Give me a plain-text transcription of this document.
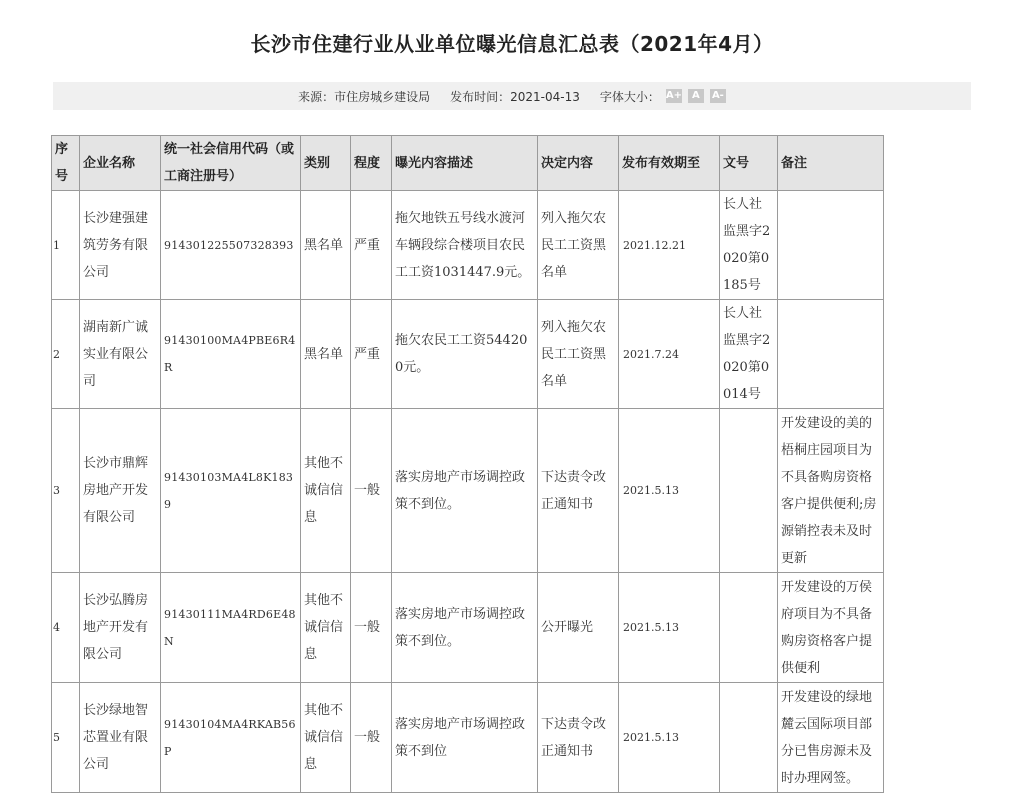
长沙市住建行业从业单位曝光信息汇总表（2021年4月）
来源：市住房城乡建设局 发布时间：2021-04-13 字体大小： A+	A	A-
序号	企业名称	统一社会信用代码（或工商注册号）	类别	程度	曝光内容描述	决定内容	发布有效期至	文号	备注
1	长沙建强建筑劳务有限公司	914301225507328393	黑名单	严重	拖欠地铁五号线水渡河车辆段综合楼项目农民工工资1031447.9元。	列入拖欠农民工工资黑名单	2021.12.21	长人社监黑字2020第0185号	
2	湖南新广诚实业有限公司	91430100MA4PBE6R4R	黑名单	严重	拖欠农民工工资544200元。	列入拖欠农民工工资黑名单	2021.7.24	长人社监黑字2020第0014号	
3	长沙市鼎辉房地产开发有限公司	91430103MA4L8K1839	其他不诚信信息	一般	落实房地产市场调控政策不到位。	下达责令改正通知书	2021.5.13		开发建设的美的梧桐庄园项目为不具备购房资格客户提供便利;房源销控表未及时更新
4	长沙弘腾房地产开发有限公司	91430111MA4RD6E48N	其他不诚信信息	一般	落实房地产市场调控政策不到位。	公开曝光	2021.5.13		开发建设的万侯府项目为不具备购房资格客户提供便利
5	长沙绿地智芯置业有限公司	91430104MA4RKAB56P	其他不诚信信息	一般	落实房地产市场调控政策不到位	下达责令改正通知书	2021.5.13		开发建设的绿地麓云国际项目部分已售房源未及时办理网签。
